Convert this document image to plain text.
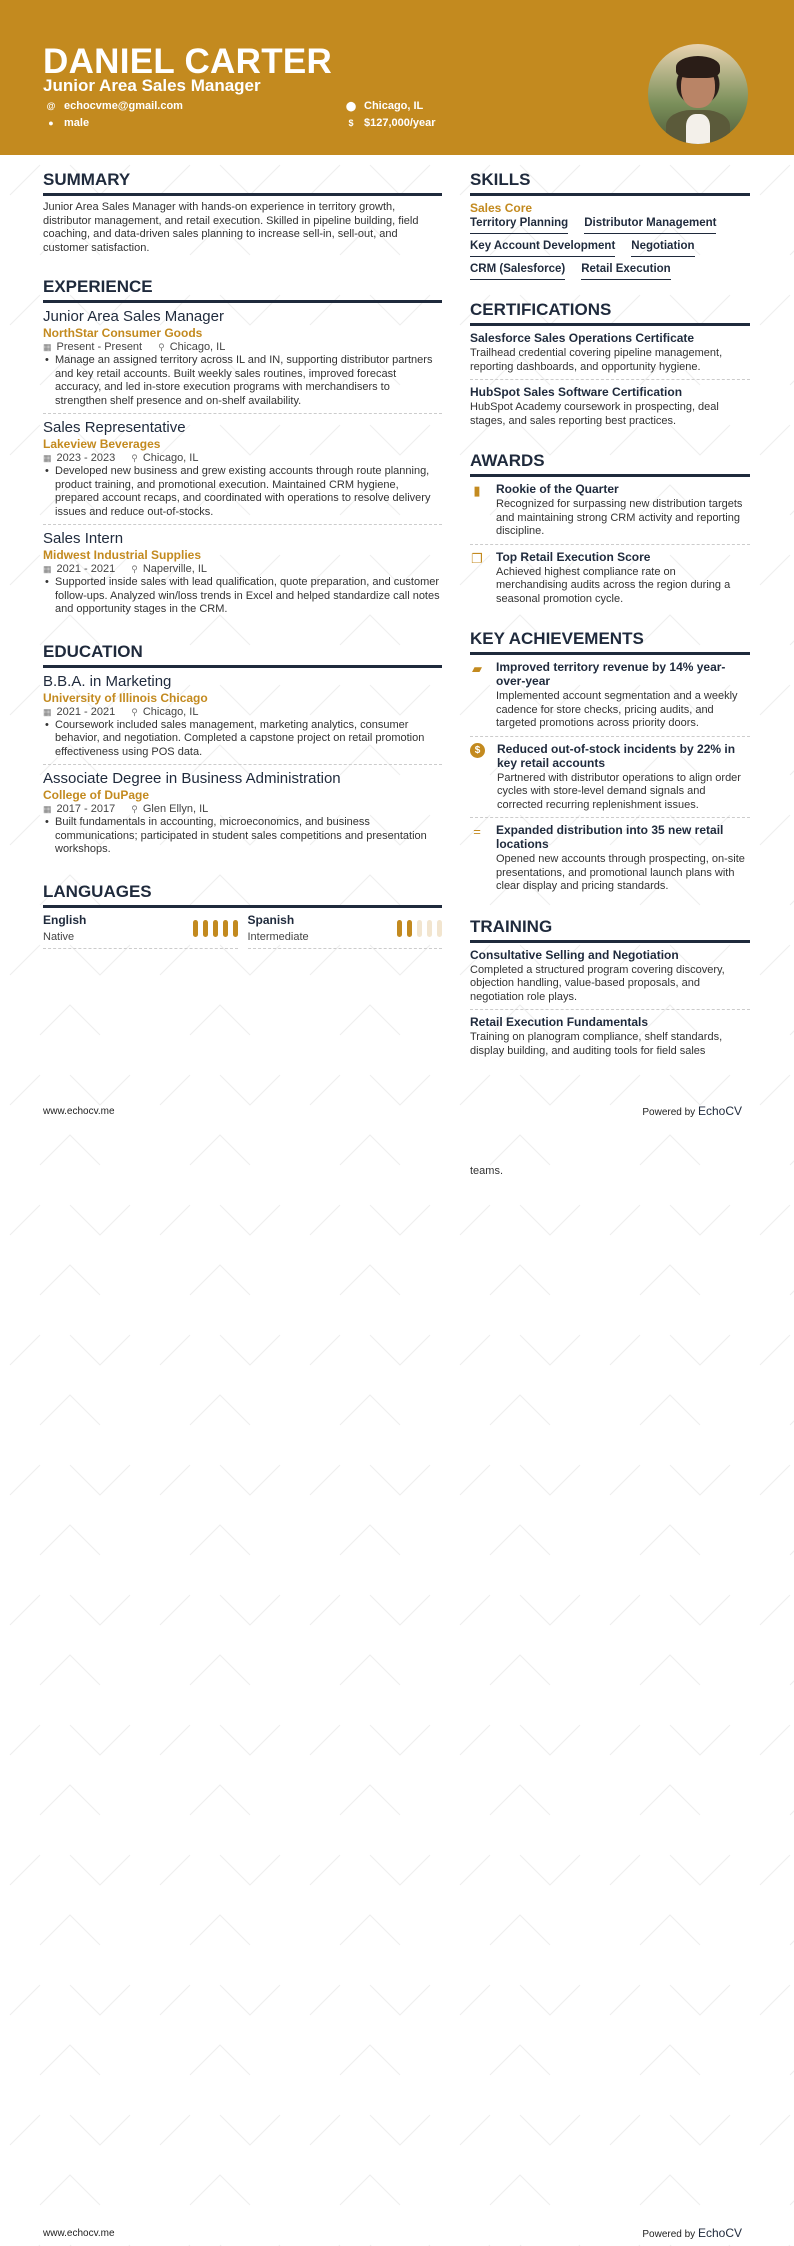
DANIEL CARTER
Junior Area Sales Manager
@ echocvme@gmail.com
● male
⬤ Chicago, IL
$ $127,000/year
SUMMARY
Junior Area Sales Manager with hands-on experience in territory growth, distributor management, and retail execution. Skilled in pipeline building, field coaching, and data-driven sales planning to increase sell-in, sell-out, and customer satisfaction.
EXPERIENCE
Junior Area Sales Manager
NorthStar Consumer Goods
▦ Present - Present ⚲ Chicago, IL
• Manage an assigned territory across IL and IN, supporting distributor partners and key retail accounts. Built weekly sales routines, improved forecast accuracy, and led in-store execution programs with merchandisers to strengthen shelf presence and on-shelf availability.
Sales Representative
Lakeview Beverages
▦ 2023 - 2023 ⚲ Chicago, IL
• Developed new business and grew existing accounts through route planning, product training, and promotional execution. Maintained CRM hygiene, prepared account recaps, and coordinated with operations to resolve delivery issues and reduce out-of-stocks.
Sales Intern
Midwest Industrial Supplies
▦ 2021 - 2021 ⚲ Naperville, IL
• Supported inside sales with lead qualification, quote preparation, and customer follow-ups. Analyzed win/loss trends in Excel and helped standardize call notes and opportunity stages in the CRM.
EDUCATION
B.B.A. in Marketing
University of Illinois Chicago
▦ 2021 - 2021 ⚲ Chicago, IL
• Coursework included sales management, marketing analytics, consumer behavior, and negotiation. Completed a capstone project on retail promotion effectiveness using POS data.
Associate Degree in Business Administration
College of DuPage
▦ 2017 - 2017 ⚲ Glen Ellyn, IL
• Built fundamentals in accounting, microeconomics, and business communications; participated in student sales competitions and presentation workshops.
LANGUAGES
English
Native
Spanish
Intermediate
SKILLS
Sales Core
Territory Planning Distributor Management
Key Account Development Negotiation
CRM (Salesforce) Retail Execution
CERTIFICATIONS
Salesforce Sales Operations Certificate
Trailhead credential covering pipeline management, reporting dashboards, and opportunity hygiene.
HubSpot Sales Software Certification
HubSpot Academy coursework in prospecting, deal stages, and sales reporting best practices.
AWARDS
▮ Rookie of the Quarter
Recognized for surpassing new distribution targets and maintaining strong CRM activity and reporting discipline.
❐ Top Retail Execution Score
Achieved highest compliance rate on merchandising audits across the region during a seasonal promotion cycle.
KEY ACHIEVEMENTS
▰ Improved territory revenue by 14% year-over-year
Implemented account segmentation and a weekly cadence for store checks, pricing audits, and targeted promotions across priority doors.
$	Reduced out-of-stock incidents by 22% in key retail accounts
Partnered with distributor operations to align order cycles with store-level demand signals and corrected recurring replenishment issues.
= Expanded distribution into 35 new retail locations
Opened new accounts through prospecting, on-site presentations, and promotional launch plans with clear display and pricing standards.
TRAINING
Consultative Selling and Negotiation
Completed a structured program covering discovery, objection handling, value-based proposals, and negotiation role plays.
Retail Execution Fundamentals
Training on planogram compliance, shelf standards, display building, and auditing tools for field sales
teams.
www.echocv.me	Powered by EchoCV
www.echocv.me	Powered by EchoCV
